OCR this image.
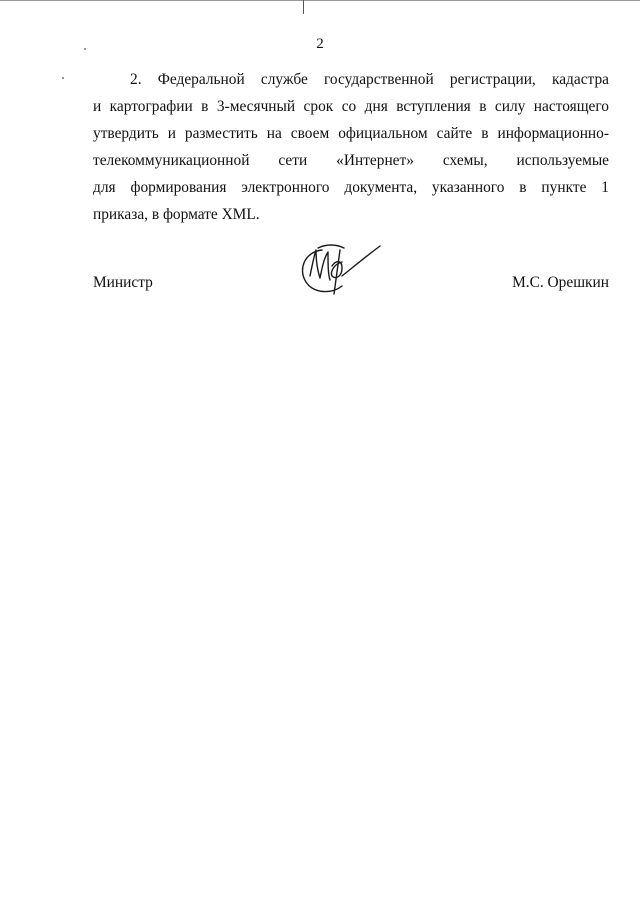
2
2. Федеральной службе государственной регистрации, кадастра
и картографии в 3-месячный срок со дня вступления в силу настоящего
утвердить и разместить на своем официальном сайте в информационно-
телекоммуникационной сети «Интернет» схемы, используемые
для формирования электронного документа, указанного в пункте 1
приказа, в формате XML.
Министр	М.С. Орешкин
